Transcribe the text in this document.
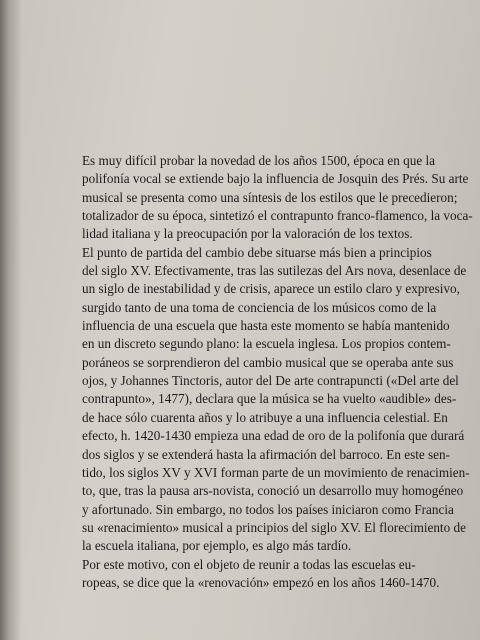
Es muy difícil probar la novedad de los años 1500, época en que la
polifonía vocal se extiende bajo la influencia de Josquin des Prés. Su arte
musical se presenta como una síntesis de los estilos que le precedieron;
totalizador de su época, sintetizó el contrapunto franco-flamenco, la voca-
lidad italiana y la preocupación por la valoración de los textos.

El punto de partida del cambio debe situarse más bien a principios
del siglo XV. Efectivamente, tras las sutilezas del Ars nova, desenlace de
un siglo de inestabilidad y de crisis, aparece un estilo claro y expresivo,
surgido tanto de una toma de conciencia de los músicos como de la
influencia de una escuela que hasta este momento se había mantenido
en un discreto segundo plano: la escuela inglesa. Los propios contem-
poráneos se sorprendieron del cambio musical que se operaba ante sus
ojos, y Johannes Tinctoris, autor del De arte contrapuncti («Del arte del
contrapunto», 1477), declara que la música se ha vuelto «audible» des-
de hace sólo cuarenta años y lo atribuye a una influencia celestial. En
efecto, h. 1420-1430 empieza una edad de oro de la polifonía que durará
dos siglos y se extenderá hasta la afirmación del barroco. En este sen-
tido, los siglos XV y XVI forman parte de un movimiento de renacimien-
to, que, tras la pausa ars-novista, conoció un desarrollo muy homogéneo
y afortunado. Sin embargo, no todos los países iniciaron como Francia
su «renacimiento» musical a principios del siglo XV. El florecimiento de
la escuela italiana, por ejemplo, es algo más tardío.

Por este motivo, con el objeto de reunir a todas las escuelas eu-
ropeas, se dice que la «renovación» empezó en los años 1460-1470.
